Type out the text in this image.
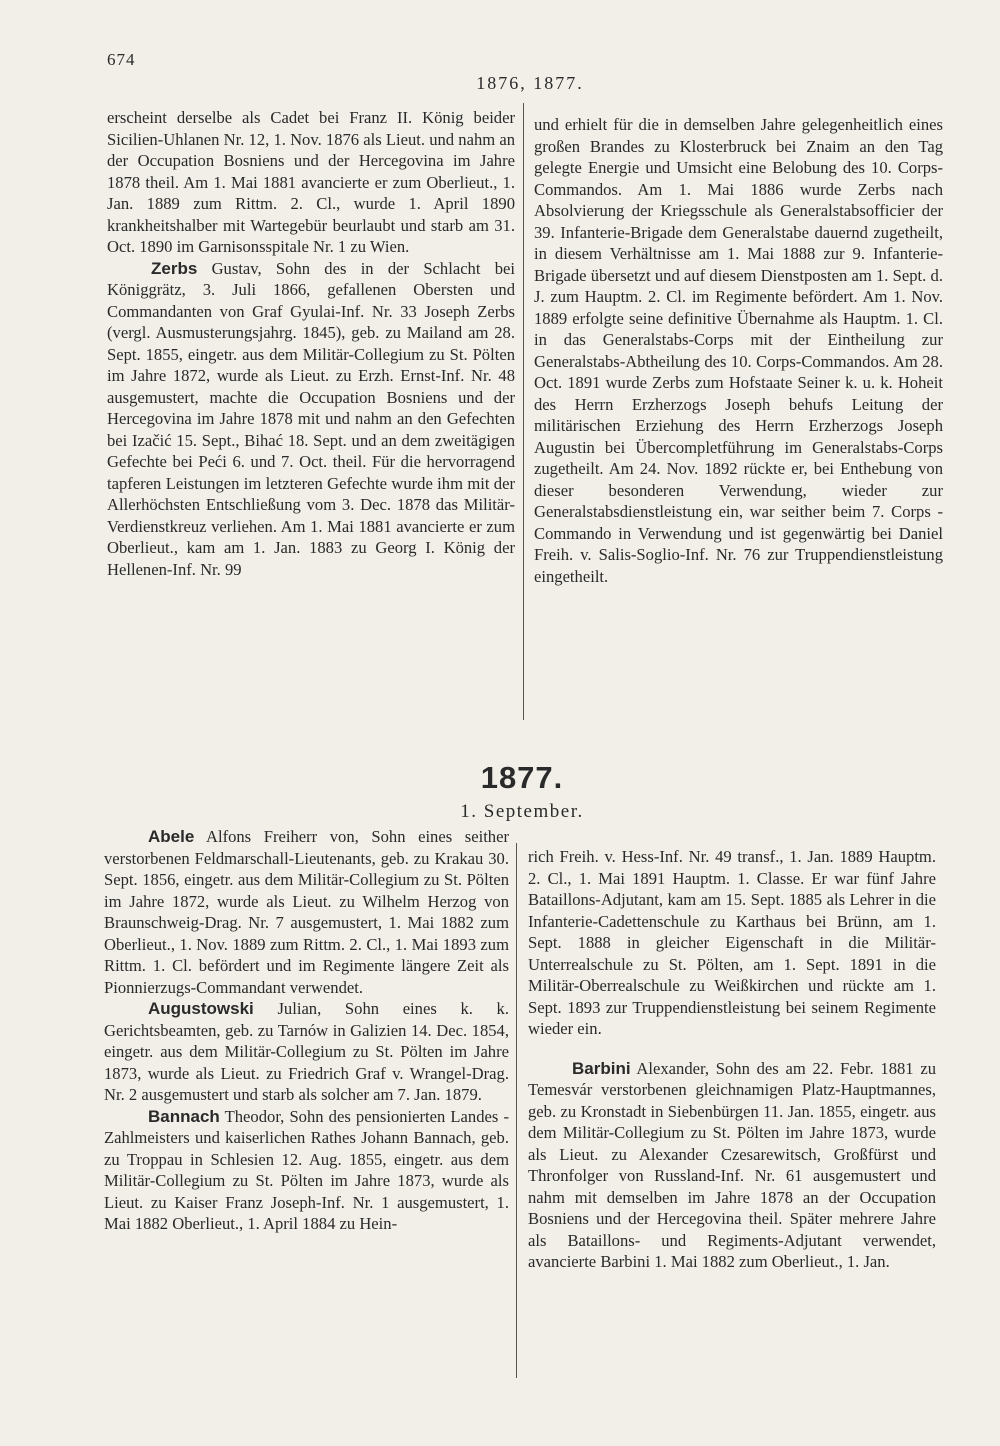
674
1876, 1877.

erscheint derselbe als Cadet bei Franz II. König beider Sicilien-Uhlanen Nr. 12, 1. Nov. 1876 als Lieut. und nahm an der Occupation Bosniens und der Hercegovina im Jahre 1878 theil. Am 1. Mai 1881 avancierte er zum Oberlieut., 1. Jan. 1889 zum Rittm. 2. Cl., wurde 1. April 1890 krankheitshalber mit Wartegebür beurlaubt und starb am 31. Oct. 1890 im Garnisonsspitale Nr. 1 zu Wien.

Zerbs Gustav, Sohn des in der Schlacht bei Königgrätz, 3. Juli 1866, gefallenen Obersten und Commandanten von Graf Gyulai-Inf. Nr. 33 Joseph Zerbs (vergl. Ausmusterungsjahrg. 1845), geb. zu Mailand am 28. Sept. 1855, eingetr. aus dem Militär-Collegium zu St. Pölten im Jahre 1872, wurde als Lieut. zu Erzh. Ernst-Inf. Nr. 48 ausgemustert, machte die Occupation Bosniens und der Hercegovina im Jahre 1878 mit und nahm an den Gefechten bei Izačić 15. Sept., Bihać 18. Sept. und an dem zweitägigen Gefechte bei Peći 6. und 7. Oct. theil. Für die hervorragend tapferen Leistungen im letzteren Gefechte wurde ihm mit der Allerhöchsten Entschließung vom 3. Dec. 1878 das Militär-Verdienstkreuz verliehen. Am 1. Mai 1881 avancierte er zum Oberlieut., kam am 1. Jan. 1883 zu Georg I. König der Hellenen-Inf. Nr. 99

und erhielt für die in demselben Jahre gelegenheitlich eines großen Brandes zu Klosterbruck bei Znaim an den Tag gelegte Energie und Umsicht eine Belobung des 10. Corps-Commandos. Am 1. Mai 1886 wurde Zerbs nach Absolvierung der Kriegsschule als Generalstabsofficier der 39. Infanterie-Brigade dem Generalstabe dauernd zugetheilt, in diesem Verhältnisse am 1. Mai 1888 zur 9. Infanterie-Brigade übersetzt und auf diesem Dienstposten am 1. Sept. d. J. zum Hauptm. 2. Cl. im Regimente befördert. Am 1. Nov. 1889 erfolgte seine definitive Übernahme als Hauptm. 1. Cl. in das Generalstabs-Corps mit der Eintheilung zur Generalstabs-Abtheilung des 10. Corps-Commandos. Am 28. Oct. 1891 wurde Zerbs zum Hofstaate Seiner k. u. k. Hoheit des Herrn Erzherzogs Joseph behufs Leitung der militärischen Erziehung des Herrn Erzherzogs Joseph Augustin bei Übercompletführung im Generalstabs-Corps zugetheilt. Am 24. Nov. 1892 rückte er, bei Enthebung von dieser besonderen Verwendung, wieder zur Generalstabsdienstleistung ein, war seither beim 7. Corps - Commando in Verwendung und ist gegenwärtig bei Daniel Freih. v. Salis-Soglio-Inf. Nr. 76 zur Truppendienstleistung eingetheilt.

1877.
1. September.

Abele Alfons Freiherr von, Sohn eines seither verstorbenen Feldmarschall-Lieutenants, geb. zu Krakau 30. Sept. 1856, eingetr. aus dem Militär-Collegium zu St. Pölten im Jahre 1872, wurde als Lieut. zu Wilhelm Herzog von Braunschweig-Drag. Nr. 7 ausgemustert, 1. Mai 1882 zum Oberlieut., 1. Nov. 1889 zum Rittm. 2. Cl., 1. Mai 1893 zum Rittm. 1. Cl. befördert und im Regimente längere Zeit als Pionnierzugs-Commandant verwendet.

Augustowski Julian, Sohn eines k. k. Gerichtsbeamten, geb. zu Tarnów in Galizien 14. Dec. 1854, eingetr. aus dem Militär-Collegium zu St. Pölten im Jahre 1873, wurde als Lieut. zu Friedrich Graf v. Wrangel-Drag. Nr. 2 ausgemustert und starb als solcher am 7. Jan. 1879.

Bannach Theodor, Sohn des pensionierten Landes - Zahlmeisters und kaiserlichen Rathes Johann Bannach, geb. zu Troppau in Schlesien 12. Aug. 1855, eingetr. aus dem Militär-Collegium zu St. Pölten im Jahre 1873, wurde als Lieut. zu Kaiser Franz Joseph-Inf. Nr. 1 ausgemustert, 1. Mai 1882 Oberlieut., 1. April 1884 zu Hein-

rich Freih. v. Hess-Inf. Nr. 49 transf., 1. Jan. 1889 Hauptm. 2. Cl., 1. Mai 1891 Hauptm. 1. Classe. Er war fünf Jahre Bataillons-Adjutant, kam am 15. Sept. 1885 als Lehrer in die Infanterie-Cadettenschule zu Karthaus bei Brünn, am 1. Sept. 1888 in gleicher Eigenschaft in die Militär-Unterrealschule zu St. Pölten, am 1. Sept. 1891 in die Militär-Oberrealschule zu Weißkirchen und rückte am 1. Sept. 1893 zur Truppendienstleistung bei seinem Regimente wieder ein.

Barbini Alexander, Sohn des am 22. Febr. 1881 zu Temesvár verstorbenen gleichnamigen Platz-Hauptmannes, geb. zu Kronstadt in Siebenbürgen 11. Jan. 1855, eingetr. aus dem Militär-Collegium zu St. Pölten im Jahre 1873, wurde als Lieut. zu Alexander Czesarewitsch, Großfürst und Thronfolger von Russland-Inf. Nr. 61 ausgemustert und nahm mit demselben im Jahre 1878 an der Occupation Bosniens und der Hercegovina theil. Später mehrere Jahre als Bataillons- und Regiments-Adjutant verwendet, avancierte Barbini 1. Mai 1882 zum Oberlieut., 1. Jan.
